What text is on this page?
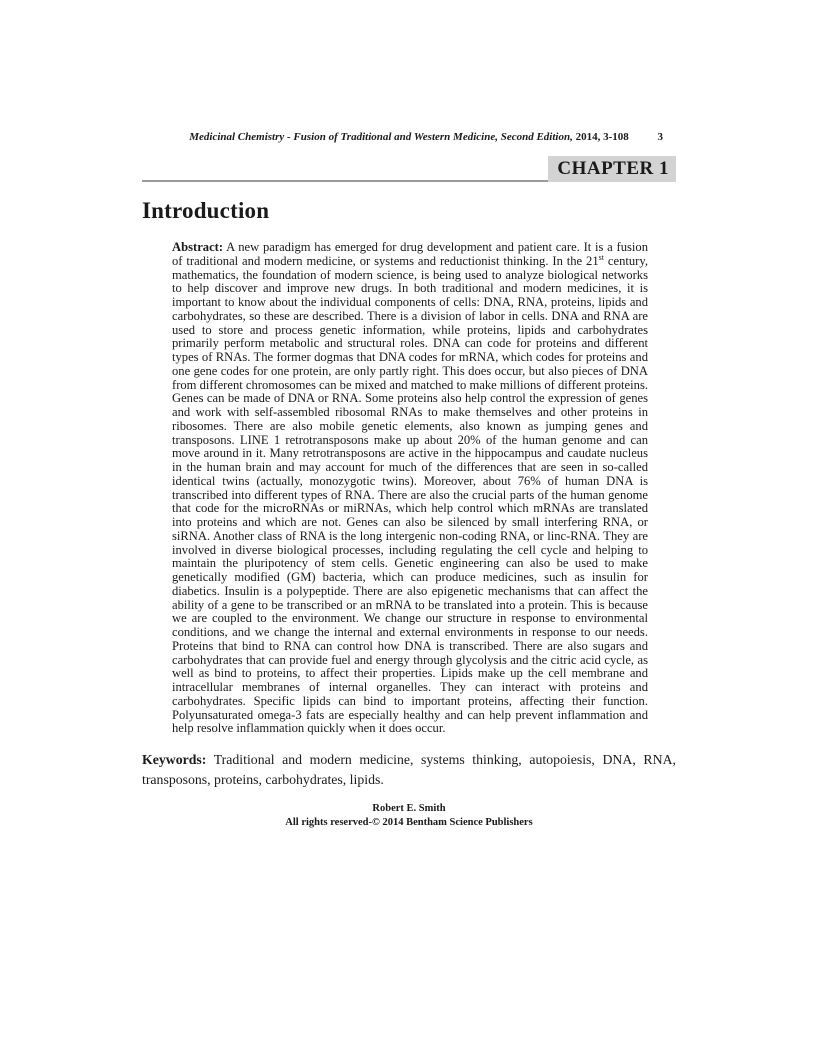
Medicinal Chemistry - Fusion of Traditional and Western Medicine, Second Edition, 2014, 3-108	3
CHAPTER 1
Introduction
Abstract: A new paradigm has emerged for drug development and patient care. It is a fusion of traditional and modern medicine, or systems and reductionist thinking. In the 21st century, mathematics, the foundation of modern science, is being used to analyze biological networks to help discover and improve new drugs. In both traditional and modern medicines, it is important to know about the individual components of cells: DNA, RNA, proteins, lipids and carbohydrates, so these are described. There is a division of labor in cells. DNA and RNA are used to store and process genetic information, while proteins, lipids and carbohydrates primarily perform metabolic and structural roles. DNA can code for proteins and different types of RNAs. The former dogmas that DNA codes for mRNA, which codes for proteins and one gene codes for one protein, are only partly right. This does occur, but also pieces of DNA from different chromosomes can be mixed and matched to make millions of different proteins. Genes can be made of DNA or RNA. Some proteins also help control the expression of genes and work with self-assembled ribosomal RNAs to make themselves and other proteins in ribosomes. There are also mobile genetic elements, also known as jumping genes and transposons. LINE 1 retrotransposons make up about 20% of the human genome and can move around in it. Many retrotransposons are active in the hippocampus and caudate nucleus in the human brain and may account for much of the differences that are seen in so-called identical twins (actually, monozygotic twins). Moreover, about 76% of human DNA is transcribed into different types of RNA. There are also the crucial parts of the human genome that code for the microRNAs or miRNAs, which help control which mRNAs are translated into proteins and which are not. Genes can also be silenced by small interfering RNA, or siRNA. Another class of RNA is the long intergenic non-coding RNA, or linc-RNA. They are involved in diverse biological processes, including regulating the cell cycle and helping to maintain the pluripotency of stem cells. Genetic engineering can also be used to make genetically modified (GM) bacteria, which can produce medicines, such as insulin for diabetics. Insulin is a polypeptide. There are also epigenetic mechanisms that can affect the ability of a gene to be transcribed or an mRNA to be translated into a protein. This is because we are coupled to the environment. We change our structure in response to environmental conditions, and we change the internal and external environments in response to our needs. Proteins that bind to RNA can control how DNA is transcribed. There are also sugars and carbohydrates that can provide fuel and energy through glycolysis and the citric acid cycle, as well as bind to proteins, to affect their properties. Lipids make up the cell membrane and intracellular membranes of internal organelles. They can interact with proteins and carbohydrates. Specific lipids can bind to important proteins, affecting their function. Polyunsaturated omega-3 fats are especially healthy and can help prevent inflammation and help resolve inflammation quickly when it does occur.
Keywords: Traditional and modern medicine, systems thinking, autopoiesis, DNA, RNA, transposons, proteins, carbohydrates, lipids.
Robert E. Smith
All rights reserved-© 2014 Bentham Science Publishers
